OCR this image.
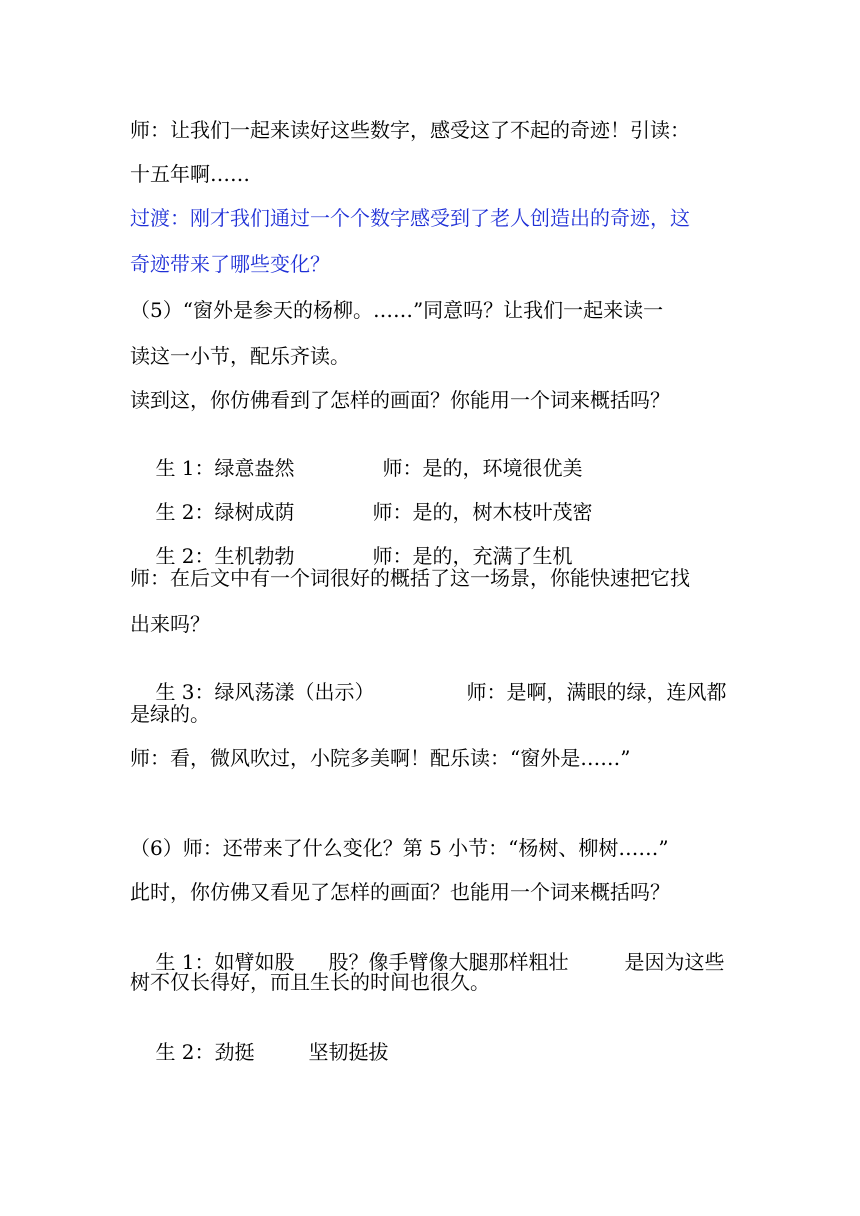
师：让我们一起来读好这些数字，感受这了不起的奇迹！引读：
十五年啊……
过渡：刚才我们通过一个个数字感受到了老人创造出的奇迹，这
奇迹带来了哪些变化？
（5）“窗外是参天的杨柳。……”同意吗？让我们一起来读一
读这一小节，配乐齐读。
读到这，你仿佛看到了怎样的画面？你能用一个词来概括吗？

生 1：绿意盎然	师：是的，环境很优美

生 2：绿树成荫	师：是的，树木枝叶茂密

生 2：生机勃勃	师：是的，充满了生机

师：在后文中有一个词很好的概括了这一场景，你能快速把它找
出来吗？

生 3：绿风荡漾（出示）	师：是啊，满眼的绿，连风都

是绿的。
师：看，微风吹过，小院多美啊！配乐读：“窗外是……”
（6）师：还带来了什么变化？第 5 小节：“杨树、柳树……”
此时，你仿佛又看见了怎样的画面？也能用一个词来概括吗？

生 1：如臂如股 股？像手臂像大腿那样粗壮	是因为这些

树不仅长得好，而且生长的时间也很久。

生 2：劲挺	坚韧挺拔
